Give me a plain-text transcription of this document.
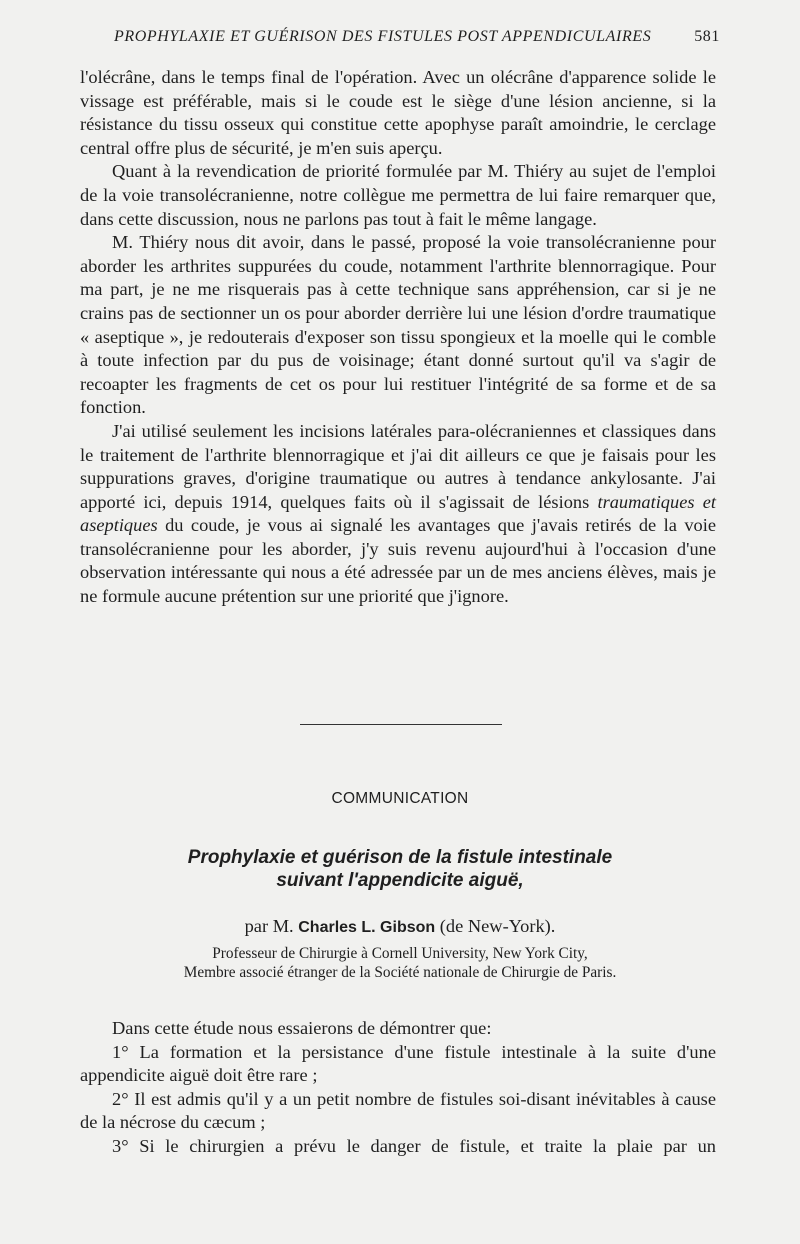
PROPHYLAXIE ET GUÉRISON DES FISTULES POST APPENDICULAIRES	581

l'olécrâne, dans le temps final de l'opération. Avec un olécrâne d'apparence solide le vissage est préférable, mais si le coude est le siège d'une lésion ancienne, si la résistance du tissu osseux qui constitue cette apophyse paraît amoindrie, le cerclage central offre plus de sécurité, je m'en suis aperçu.

Quant à la revendication de priorité formulée par M. Thiéry au sujet de l'emploi de la voie transolécranienne, notre collègue me permettra de lui faire remarquer que, dans cette discussion, nous ne parlons pas tout à fait le même langage.

M. Thiéry nous dit avoir, dans le passé, proposé la voie transolécranienne pour aborder les arthrites suppurées du coude, notamment l'arthrite blennorragique. Pour ma part, je ne me risquerais pas à cette technique sans appréhension, car si je ne crains pas de sectionner un os pour aborder derrière lui une lésion d'ordre traumatique « aseptique », je redouterais d'exposer son tissu spongieux et la moelle qui le comble à toute infection par du pus de voisinage; étant donné surtout qu'il va s'agir de recoapter les fragments de cet os pour lui restituer l'intégrité de sa forme et de sa fonction.

J'ai utilisé seulement les incisions latérales para-olécraniennes et classiques dans le traitement de l'arthrite blennorragique et j'ai dit ailleurs ce que je faisais pour les suppurations graves, d'origine traumatique ou autres à tendance ankylosante. J'ai apporté ici, depuis 1914, quelques faits où il s'agissait de lésions traumatiques et aseptiques du coude, je vous ai signalé les avantages que j'avais retirés de la voie transolécranienne pour les aborder, j'y suis revenu aujourd'hui à l'occasion d'une observation intéressante qui nous a été adressée par un de mes anciens élèves, mais je ne formule aucune prétention sur une priorité que j'ignore.

COMMUNICATION
Prophylaxie et guérison de la fistule intestinale
suivant l'appendicite aiguë,
par M. Charles L. Gibson (de New-York).
Professeur de Chirurgie à Cornell University, New York City,
Membre associé étranger de la Société nationale de Chirurgie de Paris.

Dans cette étude nous essaierons de démontrer que:

1° La formation et la persistance d'une fistule intestinale à la suite d'une appendicite aiguë doit être rare ;

2° Il est admis qu'il y a un petit nombre de fistules soi-disant inévitables à cause de la nécrose du cæcum ;

3° Si le chirurgien a prévu le danger de fistule, et traite la plaie par un
